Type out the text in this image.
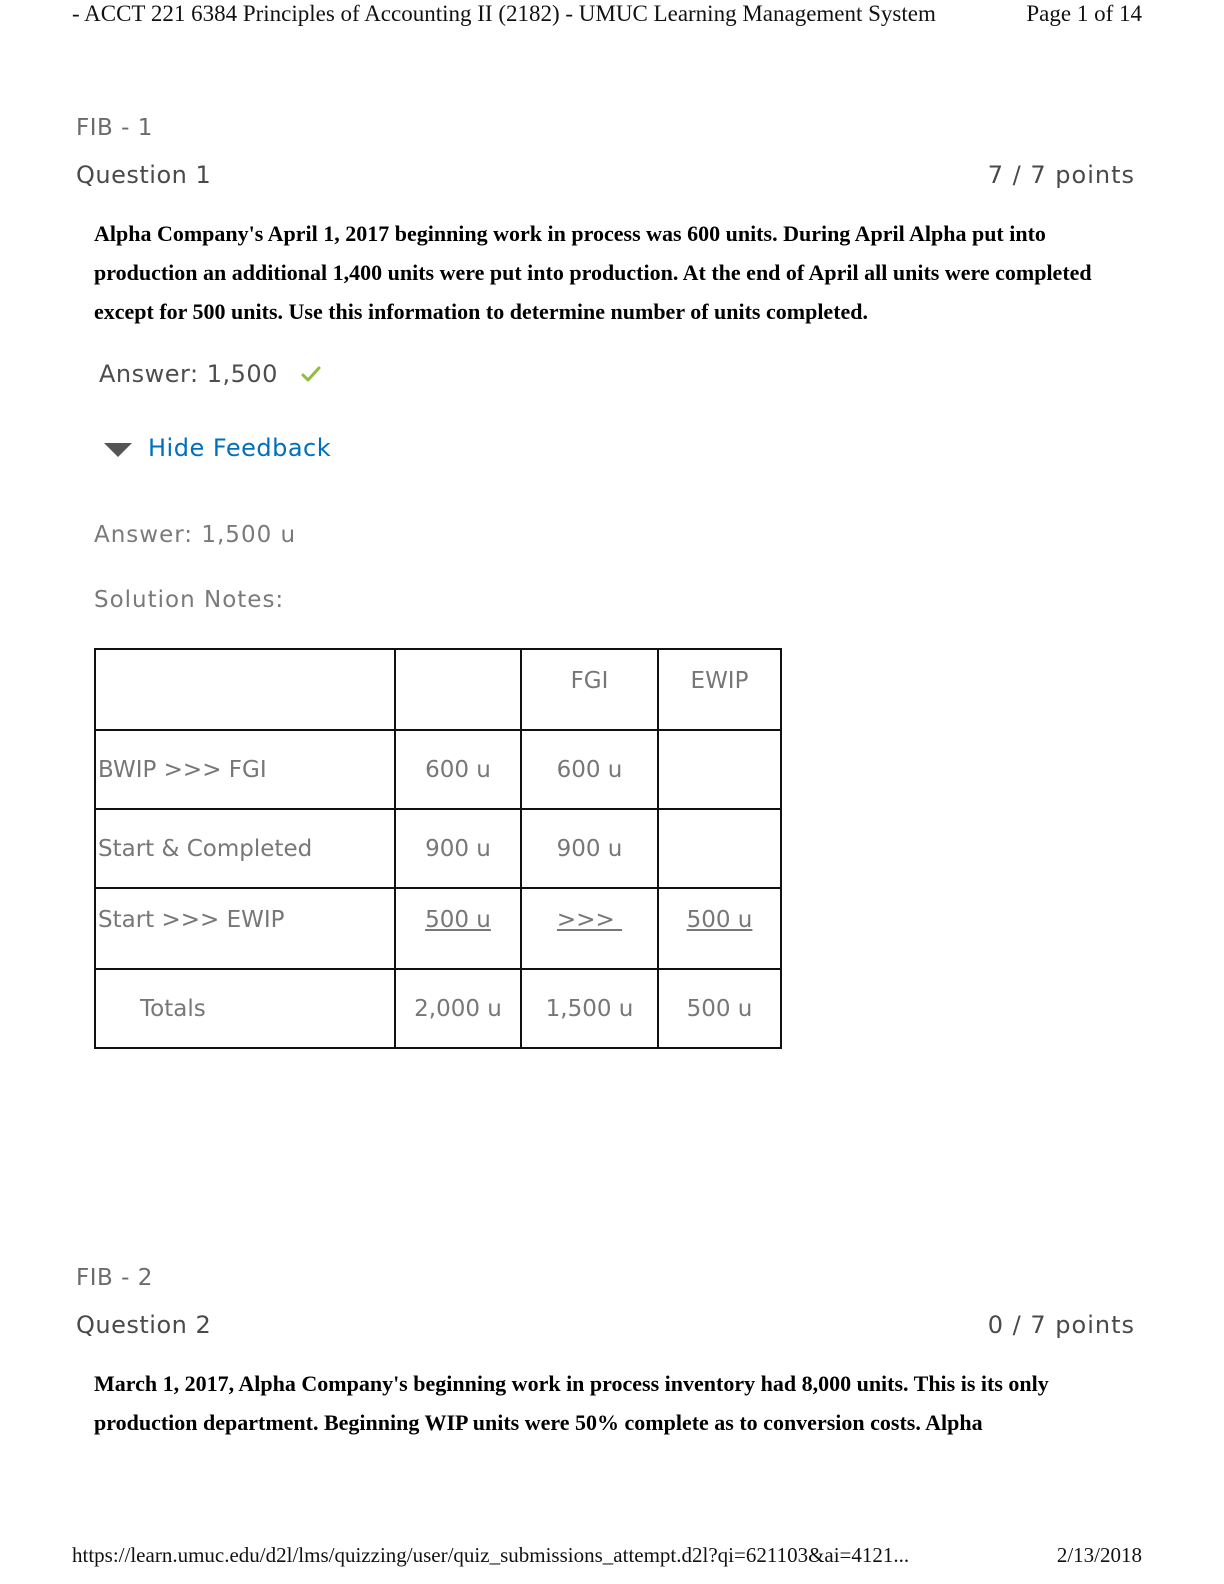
- ACCT 221 6384 Principles of Accounting II (2182) - UMUC Learning Management System	Page 1 of 14
FIB - 1
Question 1	7 / 7 points
Alpha Company's April 1, 2017 beginning work in process was 600 units. During April Alpha put into production an additional 1,400 units were put into production. At the end of April all units were completed except for 500 units. Use this information to determine number of units completed.
Answer: 1,500
Hide Feedback
Answer: 1,500 u
Solution Notes:
		FGI	EWIP
BWIP >>> FGI	600 u	600 u	
Start & Completed	900 u	900 u	
Start >>> EWIP	500 u	>>>	500 u
Totals	2,000 u	1,500 u	500 u
FIB - 2
Question 2	0 / 7 points
March 1, 2017, Alpha Company's beginning work in process inventory had 8,000 units. This is its only production department. Beginning WIP units were 50% complete as to conversion costs. Alpha
https://learn.umuc.edu/d2l/lms/quizzing/user/quiz_submissions_attempt.d2l?qi=621103&ai=4121...	2/13/2018
